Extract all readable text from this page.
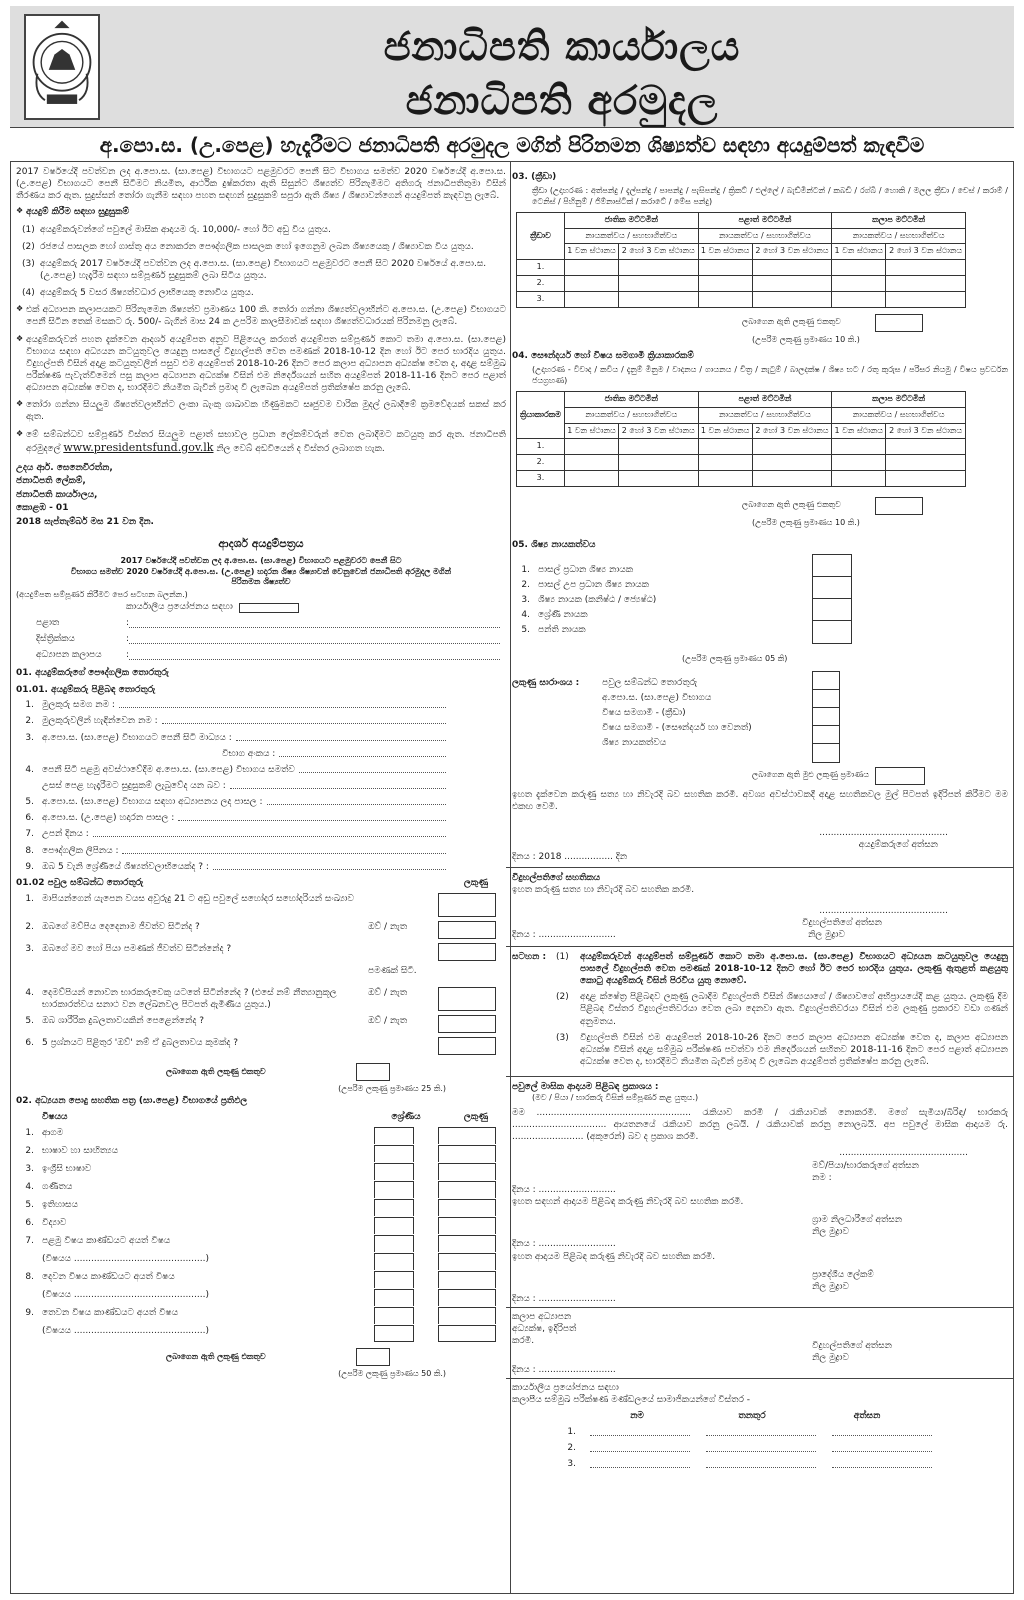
ජනාධිපති කාර්යාලය
ජනාධිපති අරමුදල
අ.පො.ස. (උ.පෙළ) හැදෑරීමට ජනාධිපති අරමුදල මගින් පිරිනමන ශිෂ්‍යත්ව සඳහා අයදුම්පත් කැඳවීම

2017 වර්ෂයේදී පවත්වන ලද අ.පො.ස. (සා.පෙළ) විභාගයට පළමුවරට පෙනී සිට විභාගය සමත්ව 2020 වර්ෂයේදී අ.පො.ස. (උ.පෙළ) විභාගයට පෙනී සිටීමට නියමිත, ආර්ථික දුෂ්කරතා ඇති සිසුන්ට ශිෂ්‍යත්ව පිරිනැමීමට අතිගරු ජනාධිපතිතුමා විසින් තීරණය කර ඇත. සුදුස්සන් තෝරා ගැනීම සඳහා පහත සඳහන් සුදුසුකම් සපුරා ඇති ශිෂ්‍ය / ශිෂ්‍යාවන්ගෙන් අයදුම්පත් කැඳවනු ලැබේ.

❖ අයදුම් කිරීම සඳහා සුදුසුකම්
(1) අයදුම්කරුවන්ගේ පවුලේ මාසික ආදායම රු. 10,000/- හෝ ඊට අඩු විය යුතුය.
(2) රජයේ පාසලක හෝ ගාස්තු අය නොකරන පෞද්ගලික පාසලක හෝ ඉගෙනුම ලබන ශිෂ්‍යයෙකු / ශිෂ්‍යාවක විය යුතුය.
(3) අයදුම්කරු 2017 වර්ෂයේදී පවත්වන ලද අ.පො.ස. (සා.පෙළ) විභාගයට පළමුවරට පෙනී සිට 2020 වර්ෂයේ අ.පො.ස. (උ.පෙළ) හැදෑරීම සඳහා සම්පූර්ණ සුදුසුකම් ලබා සිටිය යුතුය.
(4) අයදුම්කරු 5 වසර ශිෂ්‍යත්වධාර ලාභියෙකු නොවිය යුතුය.
❖ එක් අධ්‍යාපන කලාපයකට පිරිනැමෙන ශිෂ්‍යත්ව ප්‍රමාණය 100 කි. තෝරා ගන්නා ශිෂ්‍යත්වලාභීන්ට අ.පො.ස. (උ.පෙළ) විභාගයට පෙනී සිටින තෙක් මසකට රු. 500/- බැගින් මාස 24 ක උපරිම කාලසීමාවක් සඳහා ශිෂ්‍යත්වධාරයක් පිරිනමනු ලැබේ.
❖ අයදුම්කරුවන් පහත දැක්වෙන ආදර්ශ අයදුම්පත අනුව පිළියෙල කරගත් අයදුම්පත සම්පූර්ණ කොට තමා අ.පො.ස. (සා.පෙළ) විභාගය සඳහා අධ්‍යයන කටයුතුවල යෙදුනු පාසලේ විදුහල්පති වෙත පමණක් 2018-10-12 දින හෝ ඊට පෙර භාරදිය යුතුය. විදුහල්පති විසින් අදාළ කටයුතුවලින් පසුව එම අයදුම්පත් 2018-10-26 දිනට පෙර කලාප අධ්‍යාපන අධ්‍යක්ෂ වෙත ද, අදාළ සම්මුඛ පරීක්ෂණ පැවැත්වීමෙන් පසු කලාප අධ්‍යාපන අධ්‍යක්ෂ විසින් එම නිර්දේශයන් සහිත අයදුම්පත් 2018-11-16 දිනට පෙර පළාත් අධ්‍යාපන අධ්‍යක්ෂ වෙත ද, භාරදීමට නියමිත බැවින් ප්‍රමාද වී ලැබෙන අයදුම්පත් ප්‍රතික්ෂේප කරනු ලැබේ.
❖ තෝරා ගන්නා සියලුම ශිෂ්‍යත්වලාභීන්ට ලංකා බැංකු ශාඛාවක හිණුමකට සෘජුවම වාරික මුදල් ලබාදීමේ ක්‍රමවේදයක් සකස් කර ඇත.
❖ මේ සම්බන්ධව සම්පූර්ණ විස්තර සියලුම පළාත් සභාවල ප්‍රධාන ලේකම්වරුන් වෙත ලබාදීමට කටයුතු කර ඇත. ජනාධිපති අරමුදලේ www.presidentsfund.gov.lk නිල වෙබ් අඩවියෙන් ද විස්තර ලබාගත හැක.
උදය ආර්. සෙනෙවිරත්න,
ජනාධිපති ලේකම්,
ජනාධිපති කාර්යාලය,
කොළඹ - 01
2018 සැප්තැම්බර් මස 21 වන දින.
ආදර්ශ අයදුම්පත්‍රය
2017 වර්ෂයේදී පවත්වන ලද අ.පො.ස. (සා.පෙළ) විභාගයට පළමුවරට පෙනී සිට
විභාගය සමත්ව 2020 වර්ෂයේදී අ.පො.ස. (උ.පෙළ) හදාරන ශිෂ්‍ය ශිෂ්‍යාවන් වෙනුවෙන් ජනාධිපති අරමුදල මගින්
පිරිනමන ශිෂ්‍යත්ව
(අයදුම්පත සම්පූර්ණ කිරීමට පෙර සටහන බලන්න.)
කාර්යාලීය ප්‍රයෝජනය සඳහා
පළාත	:
දිස්ත්‍රික්කය	:
අධ්‍යාපන කලාපය	:
01. අයදුම්කරුගේ පෞද්ගලික තොරතුරු
01.01. අයදුම්කරු පිළිබඳ තොරතුරු
1. මුලකුරු සමග නම :
2. මුලකුරුවලින් හැඳින්වෙන නම :
3. අ.පො.ස. (සා.පෙළ) විභාගයට පෙනී සිටි මාධ්‍යය :
විභාග අංකය :
4. පෙනී සිටි පළමු අවස්ථාවේදීම අ.පො.ස. (සා.පෙළ) විභාගය සමත්ව
උසස් පෙළ හැදෑරීමට සුදුසුකම් ලැබුවේද යන බව :
5. අ.පො.ස. (සා.පෙළ) විභාගය සඳහා අධ්‍යාපනය ලද පාසල :
6. අ.පො.ස. (උ.පෙළ) හදාරන පාසල :
7. උපන් දිනය :
8. පෞද්ගලික ලිපිනය :
9. ඔබ 5 වැනි ශ්‍රේණියේ ශිෂ්‍යත්වලාභියෙක්ද ? :
01.02 පවුල සම්බන්ධ තොරතුරු	ලකුණු
1. මාපියන්ගෙන් යැපෙන වයස අවුරුදු 21 ට අඩු පවුලේ සහෝදර සහෝදරියන් සංඛ්‍යාව
2. ඔබගේ මව්පිය දෙදෙනාම ජීවත්ව සිටින්ද ?	ඔව් / නැත
3. ඔබගේ මව හෝ පියා පමණක් ජීවත්ව සිටින්නේද ?
පමණක් සිටී.
4. දෙමව්පියන් නොවන භාරකරුවෙකු යටතේ සිටින්නේද ? (එසේ නම් නීත්‍යානුකූල භාරකාරත්වය සනාථ වන ලේඛනවල පිටපත් ඇමිණිය යුතුය.)
ඔව් / නැත
5. ඔබ ශාරීරික දුබලතාවයකින් පෙළෙන්නේද ?	ඔව් / නැත
6. 5 ප්‍රශ්නයට පිළිතුර 'ඔව්' නම් ඒ දුබලතාවය කුමක්ද ?
ලබාගෙන ඇති ලකුණු එකතුව
(උපරිම ලකුණු ප්‍රමාණය 25 කි.)
02. අධ්‍යයන පොදු සහතික පත්‍ර (සා.පෙළ) විභාගයේ ප්‍රතිඵල
විෂයය	ශ්‍රේණිය	ලකුණු
1. ආගම
2. භාෂාව හා සාහිත්‍යය
3. ඉංග්‍රීසි භාෂාව
4. ගණිතය
5. ඉතිහාසය
6. විද්‍යාව
7. පළමු විෂය කාණ්ඩයට අයත් විෂය
(විෂයය ..............................................)
8. දෙවන විෂය කාණ්ඩයට අයත් විෂය
(විෂයය ..............................................)
9. තෙවන විෂය කාණ්ඩයට අයත් විෂය
(විෂයය ..............................................)
ලබාගෙන ඇති ලකුණු එකතුව
(උපරිම ලකුණු ප්‍රමාණය 50 කි.)
03. (ක්‍රීඩා)

ක්‍රීඩා (උදාහරණ : අත්පන්දු / දැල්පන්දු / පාපන්දු / පැසිපන්දු / ක්‍රිකට් / එල්ලේ / බැඩ්මින්ටන් / කබඩි / රග්බි / හොකි / මලල ක්‍රීඩා / චෙස් / කරාම් / ටෙනිස් / පිහිනුම් / ජිම්නාස්ටික් / කරාටේ / මේස පන්දු)

ක්‍රීඩාව	ජාතික මට්ටමින්		පළාත් මට්ටමින්		කලාප මට්ටමින්	
	නායකත්වය / සහභාගිත්වය		නායකත්වය / සහභාගිත්වය		නායකත්වය / සහභාගිත්වය	
	1 වන ස්ථානය	2 හෝ 3 වන ස්ථානය	1 වන ස්ථානය	2 හෝ 3 වන ස්ථානය	1 වන ස්ථානය	2 හෝ 3 වන ස්ථානය
1.						
2.						
3.						
ලබාගෙන ඇති ලකුණු එකතුව
(උපරිම ලකුණු ප්‍රමාණය 10 කි.)
04. සෞන්දර්ය හෝ විෂය සමගාමී ක්‍රියාකාරකම්

(උදාහරණ - විවාද / කවිය / දැනුම් මිනුම / වාදනය / ගායනය / චිත්‍ර / නැටුම් / බාලදක්ෂ / ශිෂ්‍ය භට / රතු කුරුස / පරිසර නියමු / විෂය ප්‍රවර්ධන ජයග්‍රහණ)

ක්‍රියාකාරකම	ජාතික මට්ටමින්		පළාත් මට්ටමින්		කලාප මට්ටමින්	
	නායකත්වය / සහභාගිත්වය		නායකත්වය / සහභාගිත්වය		නායකත්වය / සහභාගිත්වය	
	1 වන ස්ථානය	2 හෝ 3 වන ස්ථානය	1 වන ස්ථානය	2 හෝ 3 වන ස්ථානය	1 වන ස්ථානය	2 හෝ 3 වන ස්ථානය
1.						
2.						
3.						
ලබාගෙන ඇති ලකුණු එකතුව
(උපරිම ලකුණු ප්‍රමාණය 10 කි.)
05. ශිෂ්‍ය නායකත්වය
1. පාසල් ප්‍රධාන ශිෂ්‍ය නායක
2. පාසල් උප ප්‍රධාන ශිෂ්‍ය නායක
3. ශිෂ්‍ය නායක (කනිෂ්ඨ / ජ්‍යෙෂ්ඨ)
4. ශ්‍රේණි නායක
5. පන්ති නායක
(උපරිම ලකුණු ප්‍රමාණය 05 කි)
ලකුණු සාරාංශය :	පවුල සම්බන්ධ තොරතුරු
අ.පො.ස. (සා.පෙළ) විභාගය
විෂය සමගාමී - (ක්‍රීඩා)
විෂය සමගාමී - (සෞන්දර්ය හා වෙනත්)
ශිෂ්‍ය නායකත්වය
ලබාගෙන ඇති මුළු ලකුණු ප්‍රමාණය

ඉහත දැක්වෙන කරුණු සත්‍ය හා නිවැරදි බව සහතික කරමි. අවශ්‍ය අවස්ථාවකදී අදාළ සහතිකවල මුල් පිටපත් ඉදිරිපත් කිරීමට මම එකඟ වෙමි.

.............................................
අයදුම්කරුගේ අත්සන
දිනය : 2018 ................. දින
විදුහල්පතිගේ සහතිකය

ඉහත කරුණු සත්‍ය හා නිවැරදි බව සහතික කරමි.

.............................................
විදුහල්පතිගේ අත්සන
දිනය : ...........................	නිල මුද්‍රාව
සටහන :	(1)	අයදුම්කරුවන් අයදුම්පත් සම්පූර්ණ කොට තමා අ.පො.ස. (සා.පෙළ) විභාගයට අධ්‍යයන කටයුතුවල යෙදුනු පාසලේ විදුහල්පති වෙත පමණක් 2018-10-12 දිනට හෝ ඊට පෙර භාරදිය යුතුය. ලකුණු ඇතුළත් කළයුතු කොටු අයදුම්කරු විසින් පිරවිය යුතු නොවේ.
(2)	අදාළ ක්ෂේත්‍ර පිළිබඳව ලකුණු ලබාදීම විදුහල්පති විසින් ශිෂ්‍යයාගේ / ශිෂ්‍යාවගේ අභිප්‍රායයේදී කළ යුතුය. ලකුණු දීම පිළිබඳ විස්තර විදුහල්පතිවරයා වෙත ලබා දෙනවා ඇත. විදුහල්පතිවරයා විසින් එම ලකුණු ප්‍රකාරව වඩා ගණන් අනුමතය.
(3)	විදුහල්පති විසින් එම අයදුම්පත් 2018-10-26 දිනට පෙර කලාප අධ්‍යාපන අධ්‍යක්ෂ වෙත ද, කලාප අධ්‍යාපන අධ්‍යක්ෂ විසින් අදාළ සම්මුඛ පරීක්ෂණ පවත්වා එම නිර්දේශයන් සහිතව 2018-11-16 දිනට පෙර පළාත් අධ්‍යාපන අධ්‍යක්ෂ වෙත ද, භාරදීමට නියමිත බැවින් ප්‍රමාද වී ලැබෙන අයදුම්පත් ප්‍රතික්ෂේප කරනු ලැබේ.
පවුලේ මාසික ආදායම පිළිබඳ ප්‍රකාශය :
(මව / පියා / භාරකරු විසින් සම්පූර්ණ කළ යුතුය.)

මම ...................................................... රැකියාව කරමි / රැකියාවක් නොකරමි. මගේ සැමියා/බිරිඳ/ භාරකරු ................................. ආයතනයේ රැකියාව කරනු ලබයි. / රැකියාවක් කරනු නොලබයි. අප පවුලේ මාසික ආදායම රු. ......................... (අකුරෙන්) බව ද ප්‍රකාශ කරමි.

.............................................
මව්/පියා/භාරකරුගේ අත්සන
නම :
දිනය : ...........................

ඉහත සඳහන් ආදායම පිළිබඳ කරුණු නිවැරදි බව සහතික කරමි.

ග්‍රාම නිලධාරීගේ අත්සන
නිල මුද්‍රාව
දිනය : ...........................

ඉහත ආදායම පිළිබඳ කරුණු නිවැරදි බව සහතික කරමි.

ප්‍රාදේශීය ලේකම්
නිල මුද්‍රාව
දිනය : ...........................
කලාප අධ්‍යාපන අධ්‍යක්ෂ, ඉදිරිපත් කරමි.	විදුහල්පතිගේ අත්සන
නිල මුද්‍රාව
දිනය : ...........................
කාර්යාලීය ප්‍රයෝජනය සඳහා
කලාපීය සම්මුඛ පරීක්ෂණ මණ්ඩලයේ සාමාජිකයන්ගේ විස්තර -
නම	තනතුර	අත්සන
1.
2.
3.
